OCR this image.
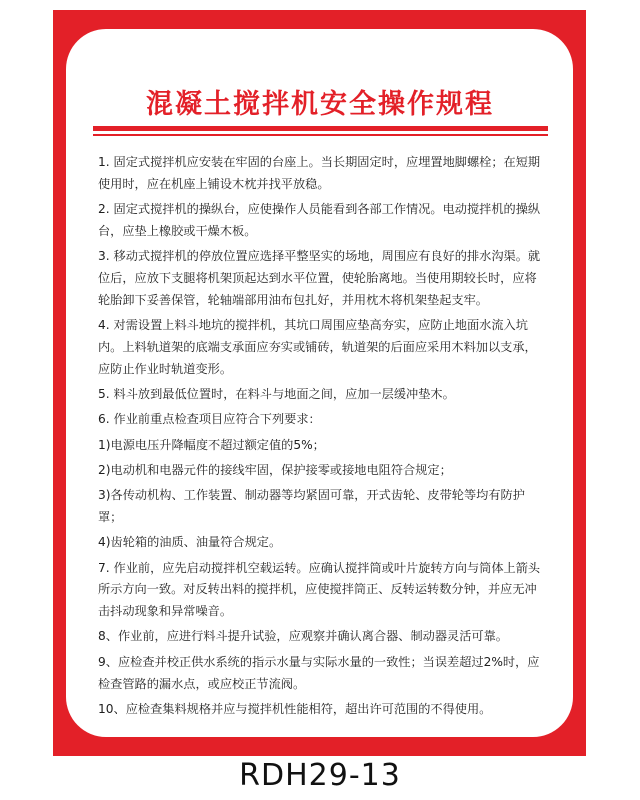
混凝土搅拌机安全操作规程

1. 固定式搅拌机应安装在牢固的台座上。当长期固定时，应埋置地脚螺栓；在短期使用时，应在机座上铺设木枕并找平放稳。

2. 固定式搅拌机的操纵台，应使操作人员能看到各部工作情况。电动搅拌机的操纵台，应垫上橡胶或干燥木板。

3. 移动式搅拌机的停放位置应选择平整坚实的场地，周围应有良好的排水沟渠。就位后，应放下支腿将机架顶起达到水平位置，使轮胎离地。当使用期较长时，应将轮胎卸下妥善保管，轮轴端部用油布包扎好，并用枕木将机架垫起支牢。

4. 对需设置上料斗地坑的搅拌机，其坑口周围应垫高夯实，应防止地面水流入坑内。上料轨道架的底端支承面应夯实或铺砖，轨道架的后面应采用木料加以支承，应防止作业时轨道变形。

5. 料斗放到最低位置时，在料斗与地面之间，应加一层缓冲垫木。

6. 作业前重点检查项目应符合下列要求：

1)电源电压升降幅度不超过额定值的5%；

2)电动机和电器元件的接线牢固，保护接零或接地电阻符合规定；

3)各传动机构、工作装置、制动器等均紧固可靠，开式齿轮、皮带轮等均有防护罩；

4)齿轮箱的油质、油量符合规定。

7. 作业前，应先启动搅拌机空载运转。应确认搅拌筒或叶片旋转方向与筒体上箭头所示方向一致。对反转出料的搅拌机，应使搅拌筒正、反转运转数分钟，并应无冲击抖动现象和异常噪音。

8、作业前，应进行料斗提升试验，应观察并确认离合器、制动器灵活可靠。

9、应检查并校正供水系统的指示水量与实际水量的一致性；当误差超过2%时，应检查管路的漏水点，或应校正节流阀。

10、应检查集料规格并应与搅拌机性能相符，超出许可范围的不得使用。

RDH29-13
